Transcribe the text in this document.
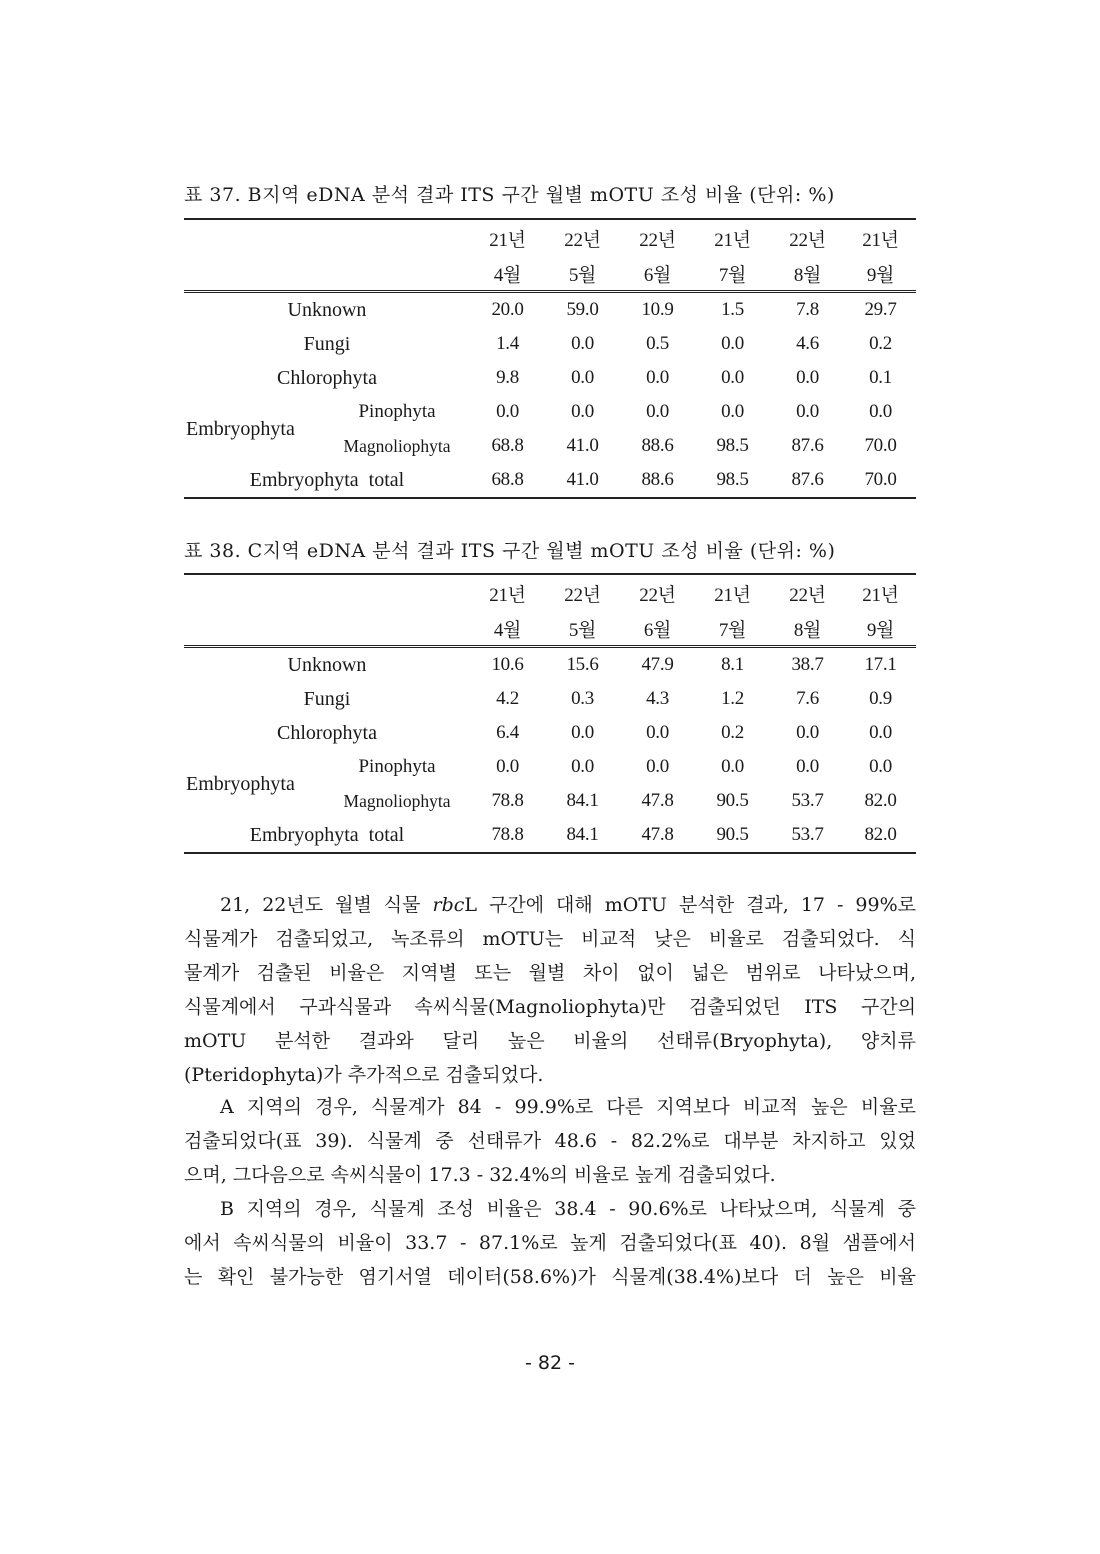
표 37. B지역 eDNA 분석 결과 ITS 구간 월별 mOTU 조성 비율 (단위: %)
		21년	22년	22년	21년	22년	21년
		4월	5월	6월	7월	8월	9월
Unknown		20.0	59.0	10.9	1.5	7.8	29.7
Fungi		1.4	0.0	0.5	0.0	4.6	0.2
Chlorophyta		9.8	0.0	0.0	0.0	0.0	0.1
Embryophyta	Pinophyta	0.0	0.0	0.0	0.0	0.0	0.0
	Magnoliophyta	68.8	41.0	88.6	98.5	87.6	70.0
Embryophyta  total		68.8	41.0	88.6	98.5	87.6	70.0
표 38. C지역 eDNA 분석 결과 ITS 구간 월별 mOTU 조성 비율 (단위: %)
		21년	22년	22년	21년	22년	21년
		4월	5월	6월	7월	8월	9월
Unknown		10.6	15.6	47.9	8.1	38.7	17.1
Fungi		4.2	0.3	4.3	1.2	7.6	0.9
Chlorophyta		6.4	0.0	0.0	0.2	0.0	0.0
Embryophyta	Pinophyta	0.0	0.0	0.0	0.0	0.0	0.0
	Magnoliophyta	78.8	84.1	47.8	90.5	53.7	82.0
Embryophyta  total		78.8	84.1	47.8	90.5	53.7	82.0
21, 22년도 월별 식물 rbcL 구간에 대해 mOTU 분석한 결과, 17 - 99%로
식물계가 검출되었고, 녹조류의 mOTU는 비교적 낮은 비율로 검출되었다. 식
물계가 검출된 비율은 지역별 또는 월별 차이 없이 넓은 범위로 나타났으며,
식물계에서 구과식물과 속씨식물(Magnoliophyta)만 검출되었던 ITS 구간의
mOTU 분석한 결과와 달리 높은 비율의 선태류(Bryophyta), 양치류
(Pteridophyta)가 추가적으로 검출되었다.
A 지역의 경우, 식물계가 84 - 99.9%로 다른 지역보다 비교적 높은 비율로
검출되었다(표 39). 식물계 중 선태류가 48.6 - 82.2%로 대부분 차지하고 있었
으며, 그다음으로 속씨식물이 17.3 - 32.4%의 비율로 높게 검출되었다.
B 지역의 경우, 식물계 조성 비율은 38.4 - 90.6%로 나타났으며, 식물계 중
에서 속씨식물의 비율이 33.7 - 87.1%로 높게 검출되었다(표 40). 8월 샘플에서
는 확인 불가능한 염기서열 데이터(58.6%)가 식물계(38.4%)보다 더 높은 비율
- 82 -
